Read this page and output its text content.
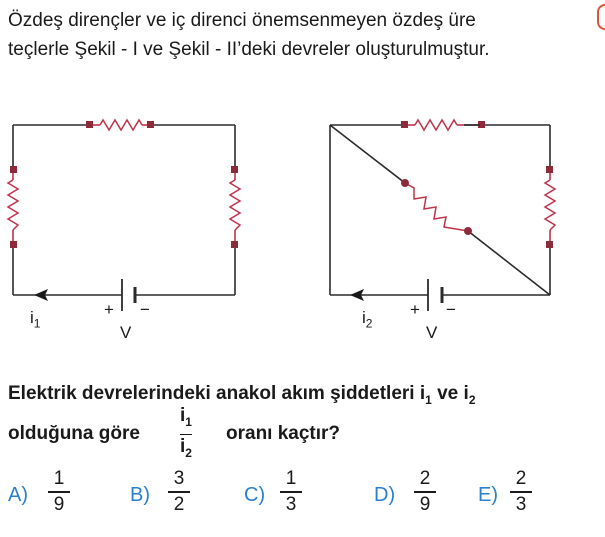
Özdeş dirençler ve iç direnci önemsenmeyen özdeş üre
teçlerle Şekil - I ve Şekil - II’deki devreler oluşturulmuştur.
$i_1$
+ −
V
$i_2$
+ −
V
Elektrik devrelerindeki anakol akım şiddetleri $i_1$ ve $i_2$
olduğuna göre
$i_1$
$i_2$
oranı kaçtır?
A)
1
9	B)
3
2	C)
1
3	D)
2
9 E)
2
3
